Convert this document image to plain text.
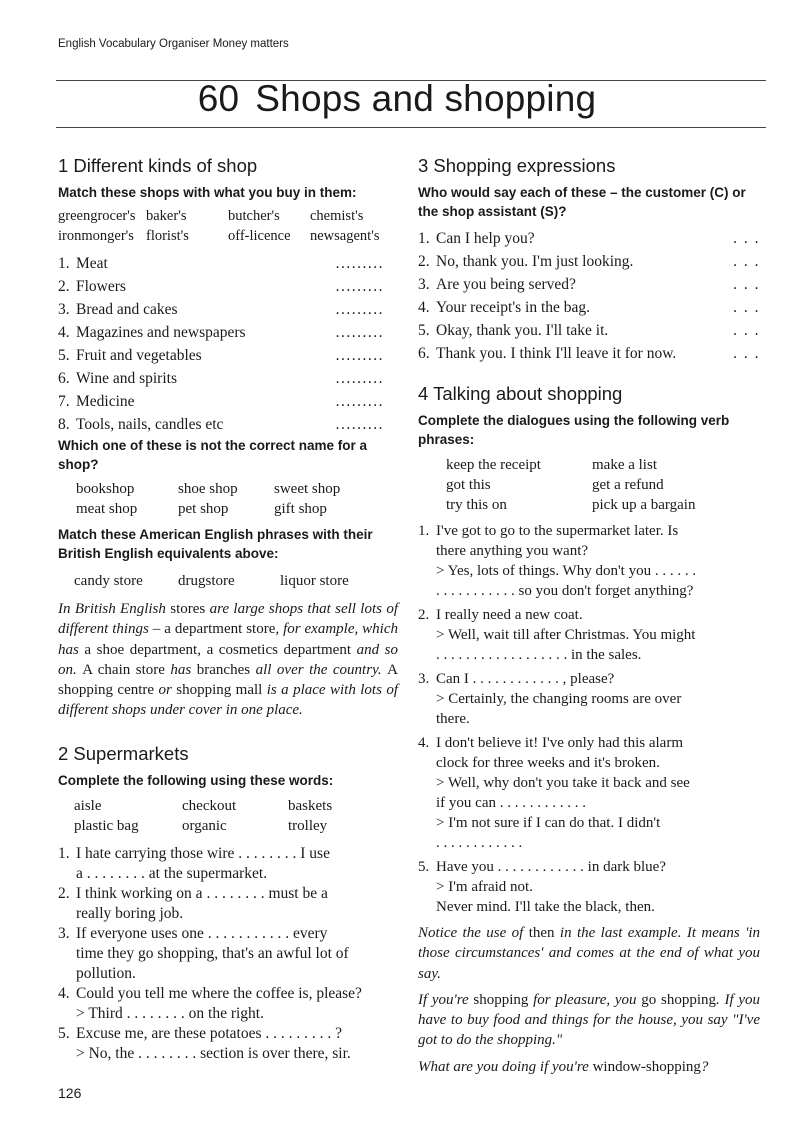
English Vocabulary Organiser Money matters
60 Shops and shopping
1 Different kinds of shop

Match these shops with what you buy in them:

greengrocer's baker's	butcher's	chemist's
ironmonger's florist's	off-licence	newsagent's
1. Meat	.........
2. Flowers	.........
3. Bread and cakes	.........
4. Magazines and newspapers	.........
5. Fruit and vegetables	.........
6. Wine and spirits	.........
7. Medicine	.........
8. Tools, nails, candles etc	.........

Which one of these is not the correct name for a shop?

bookshop	shoe shop	sweet shop
meat shop	pet shop	gift shop

Match these American English phrases with their British English equivalents above:

candy store	drugstore	liquor store

In British English stores are large shops that sell lots of different things – a department store, for example, which has a shoe department, a cosmetics department and so on. A chain store has branches all over the country. A shopping centre or shopping mall is a place with lots of different shops under cover in one place.

2 Supermarkets

Complete the following using these words:

aisle	checkout	baskets
plastic bag	organic	trolley
1. I hate carrying those wire . . . . . . . . I use
a . . . . . . . . at the supermarket.
2. I think working on a . . . . . . . . must be a
really boring job.
3. If everyone uses one . . . . . . . . . . . every
time they go shopping, that's an awful lot of
pollution.
4. Could you tell me where the coffee is, please?
> Third . . . . . . . . on the right.
5. Excuse me, are these potatoes . . . . . . . . . ?
> No, the . . . . . . . . section is over there, sir.
3 Shopping expressions

Who would say each of these – the customer (C) or the shop assistant (S)?

1. Can I help you?	. . .
2. No, thank you. I'm just looking.	. . .
3. Are you being served?	. . .
4. Your receipt's in the bag.	. . .
5. Okay, thank you. I'll take it.	. . .
6. Thank you. I think I'll leave it for now.	. . .
4 Talking about shopping

Complete the dialogues using the following verb phrases:

keep the receipt	make a list
got this	get a refund
try this on	pick up a bargain
1. I've got to go to the supermarket later. Is
there anything you want?
> Yes, lots of things. Why don't you . . . . . .
. . . . . . . . . . . so you don't forget anything?
2. I really need a new coat.
> Well, wait till after Christmas. You might
. . . . . . . . . . . . . . . . . . in the sales.
3. Can I . . . . . . . . . . . . , please?
> Certainly, the changing rooms are over
there.
4. I don't believe it! I've only had this alarm
clock for three weeks and it's broken.
> Well, why don't you take it back and see
if you can . . . . . . . . . . . .
> I'm not sure if I can do that. I didn't
. . . . . . . . . . . .
5. Have you . . . . . . . . . . . . in dark blue?
> I'm afraid not.
Never mind. I'll take the black, then.

Notice the use of then in the last example. It means 'in those circumstances' and comes at the end of what you say.

If you're shopping for pleasure, you go shopping. If you have to buy food and things for the house, you say "I've got to do the shopping."

What are you doing if you're window-shopping?

126
